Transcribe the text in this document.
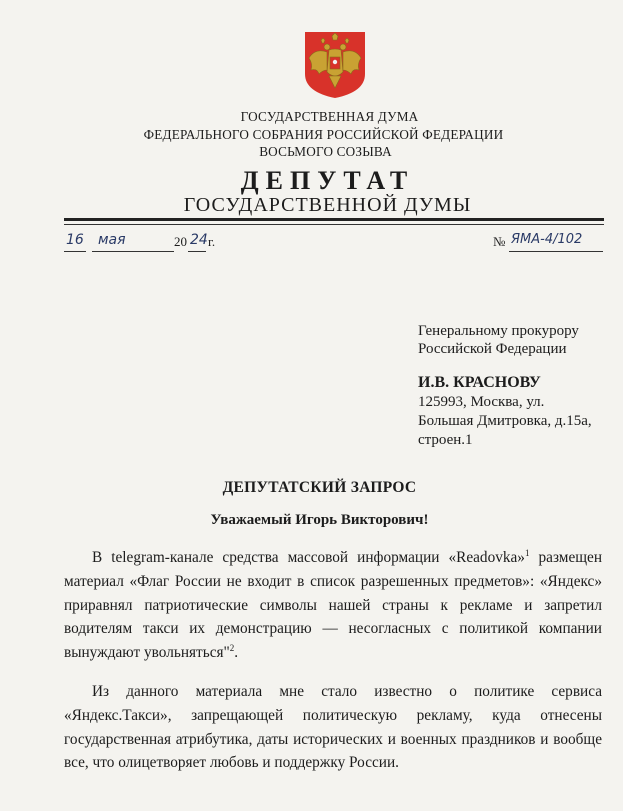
ГОСУДАРСТВЕННАЯ ДУМА
ФЕДЕРАЛЬНОГО СОБРАНИЯ РОССИЙСКОЙ ФЕДЕРАЦИИ
ВОСЬМОГО СОЗЫВА
ДЕПУТАТ
ГОСУДАРСТВЕННОЙ ДУМЫ
16 мая	20 24 г.	№ ЯМА-4/102
Генеральному прокурору
Российской Федерации
И.В. КРАСНОВУ
125993, Москва, ул.
Большая Дмитровка, д.15а,
строен.1
ДЕПУТАТСКИЙ ЗАПРОС
Уважаемый Игорь Викторович!

В telegram-канале средства массовой информации «Readovka»$^1$ размещен материал «Флаг России не входит в список разрешенных предметов»: «Яндекс» приравнял патриотические символы нашей страны к рекламе и запретил водителям такси их демонстрацию — несогласных с политикой компании вынуждают увольняться"$^2$.

Из данного материала мне стало известно о политике сервиса «Яндекс.Такси», запрещающей политическую рекламу, куда отнесены государственная атрибутика, даты исторических и военных праздников и вообще все, что олицетворяет любовь и поддержку России.
